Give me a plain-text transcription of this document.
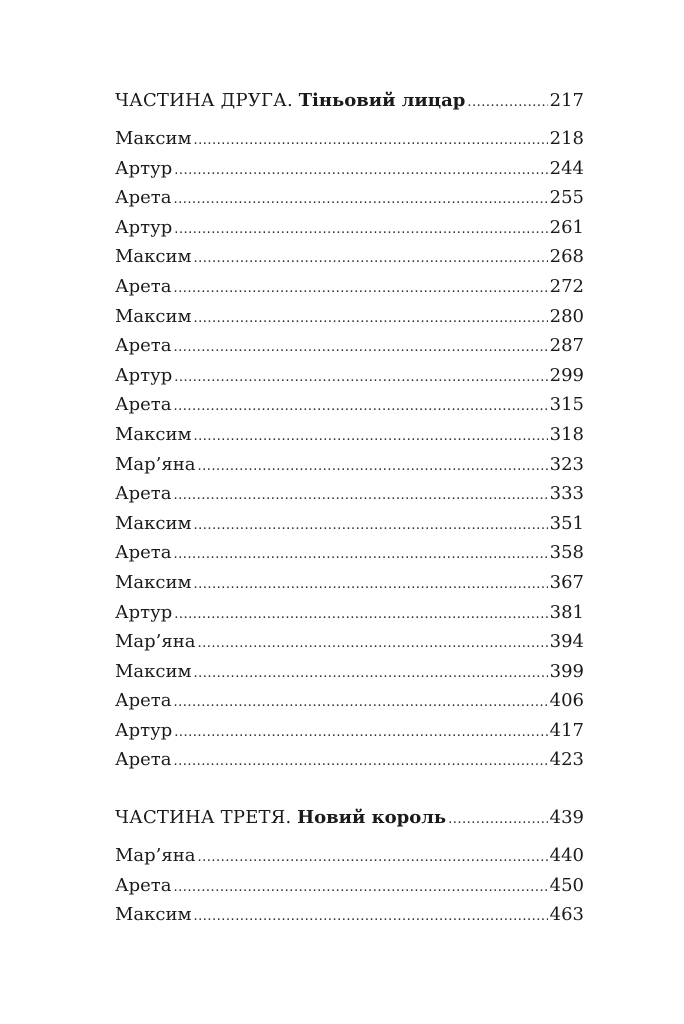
ЧАСТИНА ДРУГА. Тіньовий лицар .....	217
Максим .....	218
Артур .....	244
Арета .....	255
Артур .....	261
Максим .....	268
Арета .....	272
Максим .....	280
Арета .....	287
Артур .....	299
Арета .....	315
Максим .....	318
Мар’яна .....	323
Арета .....	333
Максим .....	351
Арета .....	358
Максим .....	367
Артур .....	381
Мар’яна .....	394
Максим .....	399
Арета .....	406
Артур .....	417
Арета .....	423
ЧАСТИНА ТРЕТЯ. Новий король .....	439
Мар’яна .....	440
Арета .....	450
Максим .....	463
